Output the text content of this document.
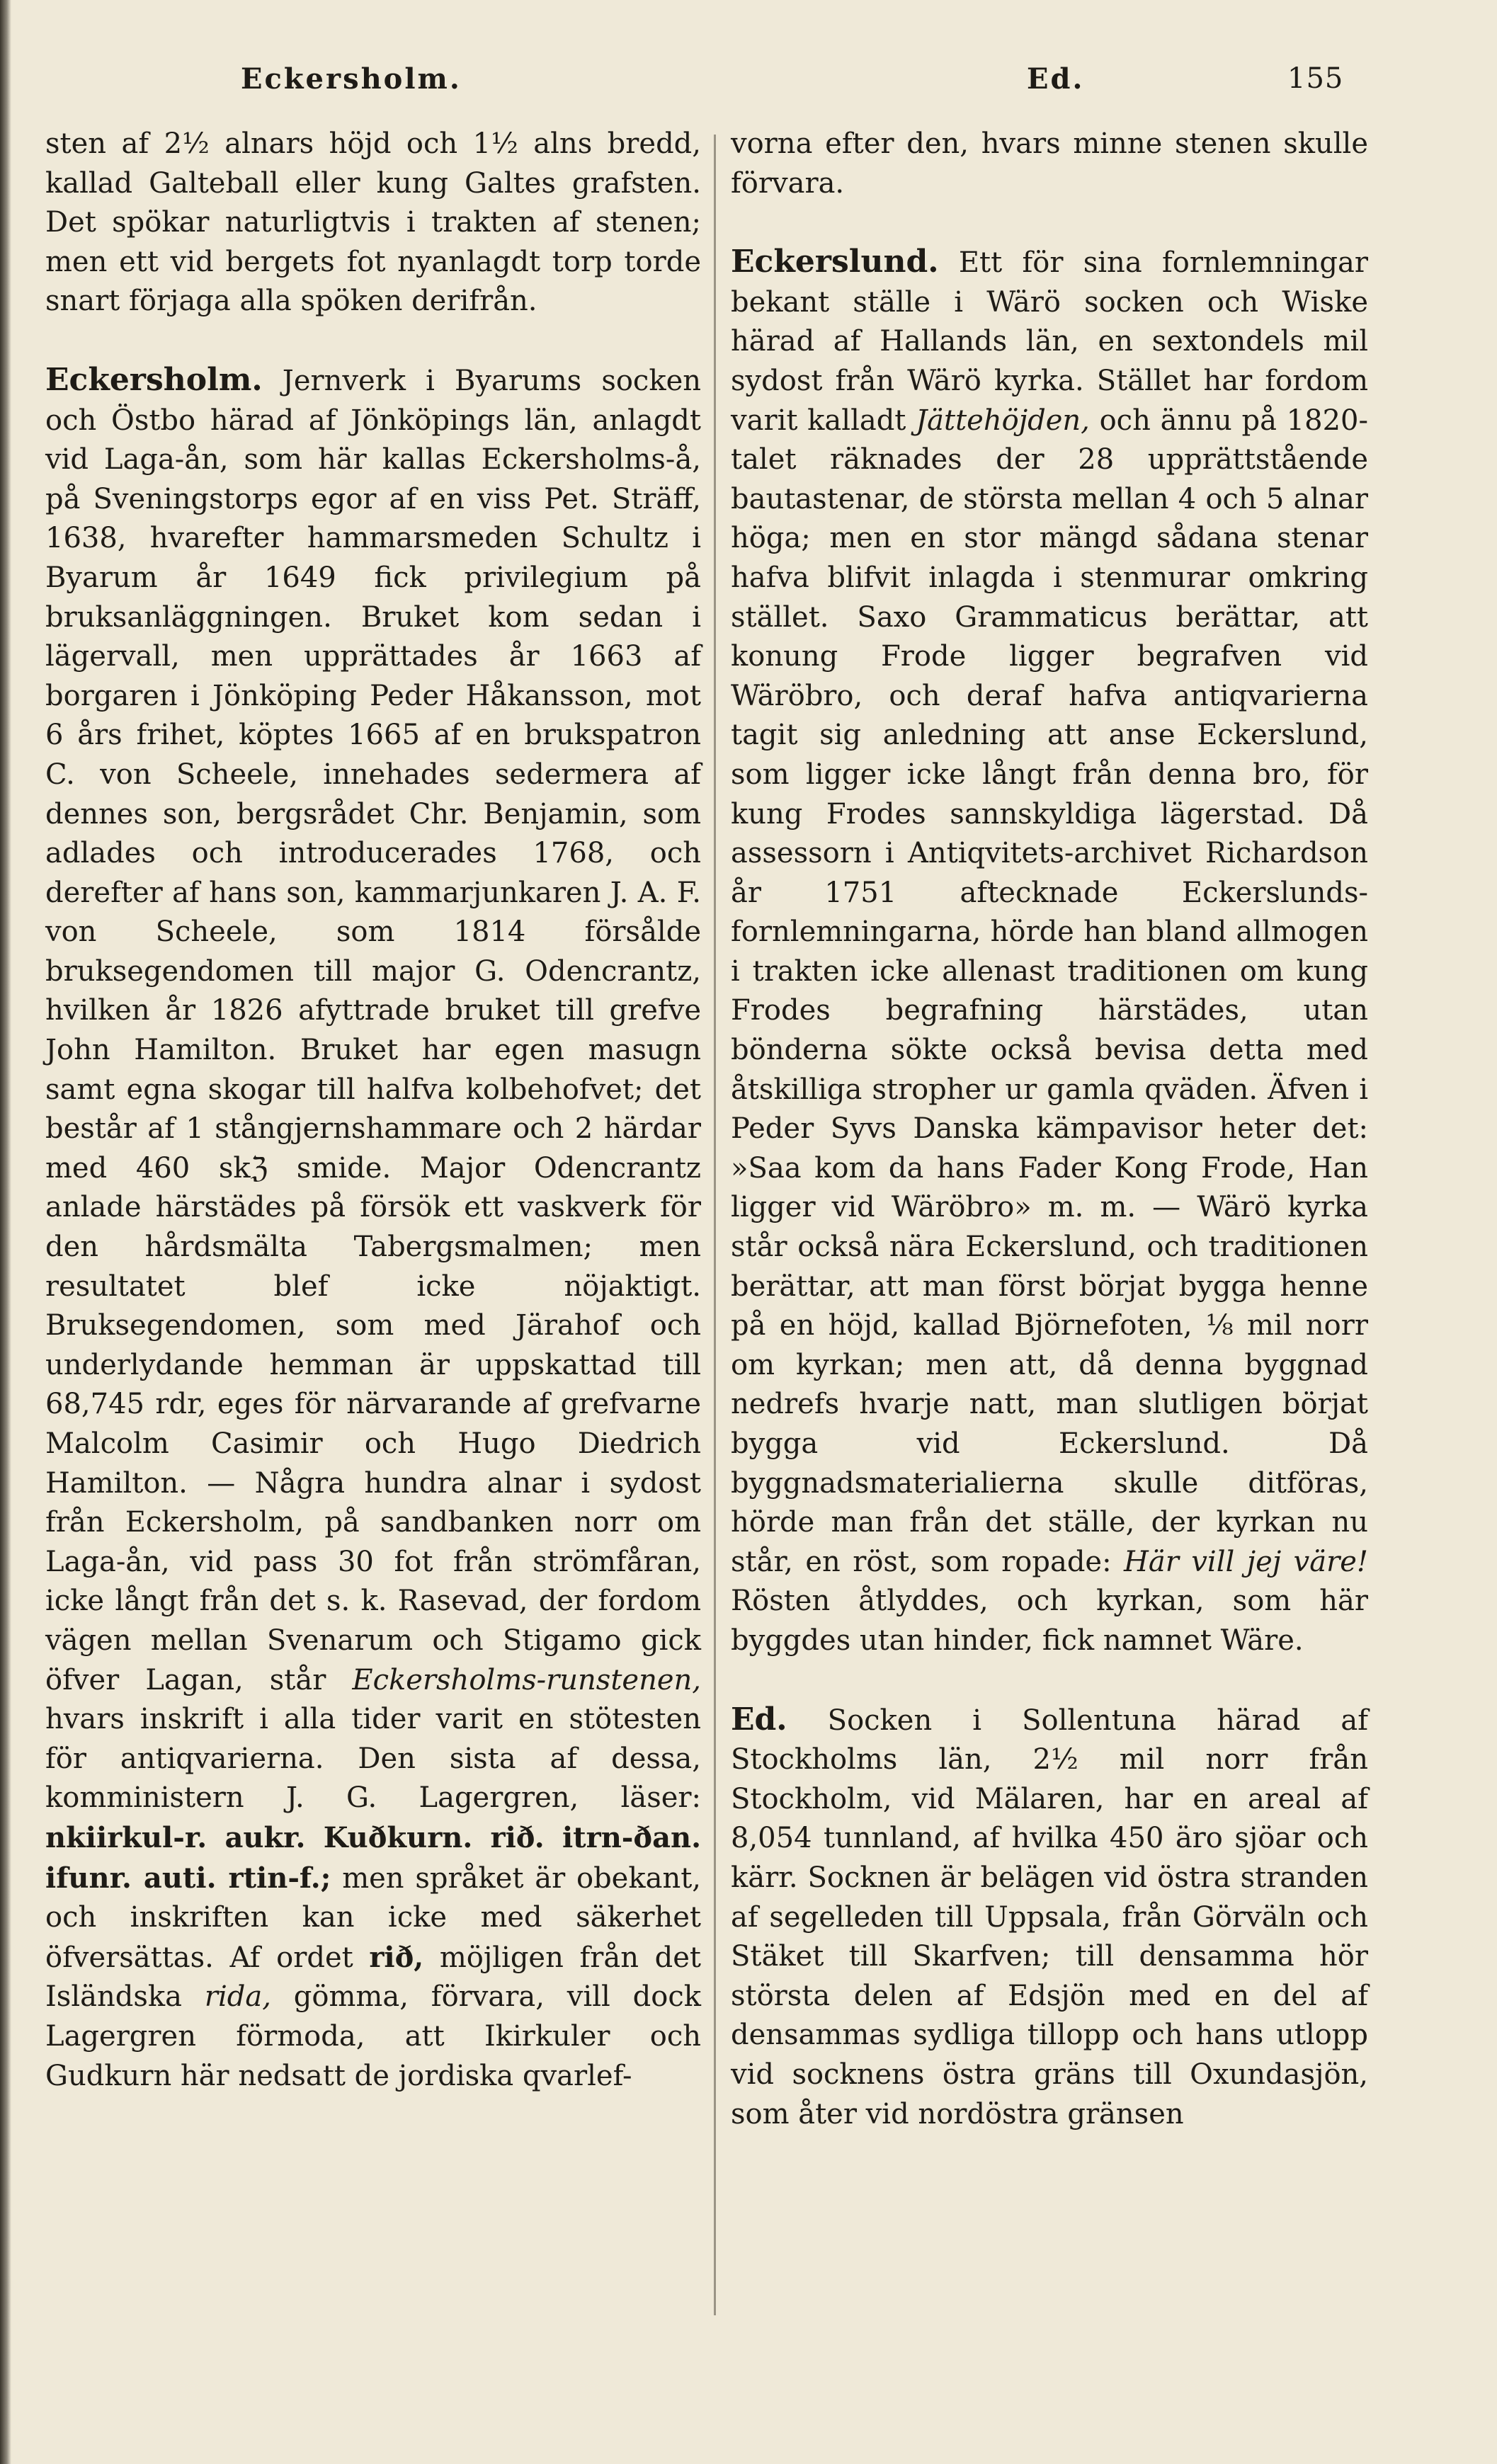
Eckersholm.	Ed.	155

sten af 2½ alnars höjd och 1½ alns bredd, kallad Galteball eller kung Galtes grafsten. Det spökar naturligtvis i trakten af stenen; men ett vid bergets fot nyanlagdt torp torde snart förjaga alla spöken derifrån.

Eckersholm. Jernverk i Byarums socken och Östbo härad af Jönköpings län, anlagdt vid Laga-ån, som här kallas Eckersholms-å, på Sveningstorps egor af en viss Pet. Sträff, 1638, hvarefter hammarsmeden Schultz i Byarum år 1649 fick privilegium på bruksanläggningen. Bruket kom sedan i lägervall, men upprättades år 1663 af borgaren i Jönköping Peder Håkansson, mot 6 års frihet, köptes 1665 af en brukspatron C. von Scheele, innehades sedermera af dennes son, bergsrådet Chr. Benjamin, som adlades och introducerades 1768, och derefter af hans son, kammarjunkaren J. A. F. von Scheele, som 1814 försålde bruksegendomen till major G. Odencrantz, hvilken år 1826 afyttrade bruket till grefve John Hamilton. Bruket har egen masugn samt egna skogar till halfva kolbehofvet; det består af 1 stångjernshammare och 2 härdar med 460 skℨ smide. Major Odencrantz anlade härstädes på försök ett vaskverk för den hårdsmälta Tabergsmalmen; men resultatet blef icke nöjaktigt. Bruksegendomen, som med Järahof och underlydande hemman är uppskattad till 68,745 rdr, eges för närvarande af grefvarne Malcolm Casimir och Hugo Diedrich Hamilton. — Några hundra alnar i sydost från Eckersholm, på sandbanken norr om Laga-ån, vid pass 30 fot från strömfåran, icke långt från det s. k. Rasevad, der fordom vägen mellan Svenarum och Stigamo gick öfver Lagan, står Eckersholms-runstenen, hvars inskrift i alla tider varit en stötesten för antiqvarierna. Den sista af dessa, komministern J. G. Lagergren, läser: nkiirkul-r. aukr. Kuðkurn. rið. itrn-ðan. ifunr. auti. rtin-f.; men språket är obekant, och inskriften kan icke med säkerhet öfversättas. Af ordet rið, möjligen från det Isländska rida, gömma, förvara, vill dock Lagergren förmoda, att Ikirkuler och Gudkurn här nedsatt de jordiska qvarlef-

vorna efter den, hvars minne stenen skulle förvara.

Eckerslund. Ett för sina fornlemningar bekant ställe i Wärö socken och Wiske härad af Hallands län, en sextondels mil sydost från Wärö kyrka. Stället har fordom varit kalladt Jättehöjden, och ännu på 1820-talet räknades der 28 upprättstående bautastenar, de största mellan 4 och 5 alnar höga; men en stor mängd sådana stenar hafva blifvit inlagda i stenmurar omkring stället. Saxo Grammaticus berättar, att konung Frode ligger begrafven vid Wäröbro, och deraf hafva antiqvarierna tagit sig anledning att anse Eckerslund, som ligger icke långt från denna bro, för kung Frodes sannskyldiga lägerstad. Då assessorn i Antiqvitets-archivet Richardson år 1751 aftecknade Eckerslunds-fornlemningarna, hörde han bland allmogen i trakten icke allenast traditionen om kung Frodes begrafning härstädes, utan bönderna sökte också bevisa detta med åtskilliga stropher ur gamla qväden. Äfven i Peder Syvs Danska kämpavisor heter det: »Saa kom da hans Fader Kong Frode, Han ligger vid Wäröbro» m. m. — Wärö kyrka står också nära Eckerslund, och traditionen berättar, att man först börjat bygga henne på en höjd, kallad Björnefoten, ⅛ mil norr om kyrkan; men att, då denna byggnad nedrefs hvarje natt, man slutligen börjat bygga vid Eckerslund. Då byggnadsmaterialierna skulle ditföras, hörde man från det ställe, der kyrkan nu står, en röst, som ropade: Här vill jej väre! Rösten åtlyddes, och kyrkan, som här byggdes utan hinder, fick namnet Wäre.

Ed. Socken i Sollentuna härad af Stockholms län, 2½ mil norr från Stockholm, vid Mälaren, har en areal af 8,054 tunnland, af hvilka 450 äro sjöar och kärr. Socknen är belägen vid östra stranden af segelleden till Uppsala, från Görväln och Stäket till Skarfven; till densamma hör största delen af Edsjön med en del af densammas sydliga tillopp och hans utlopp vid socknens östra gräns till Oxundasjön, som åter vid nordöstra gränsen
